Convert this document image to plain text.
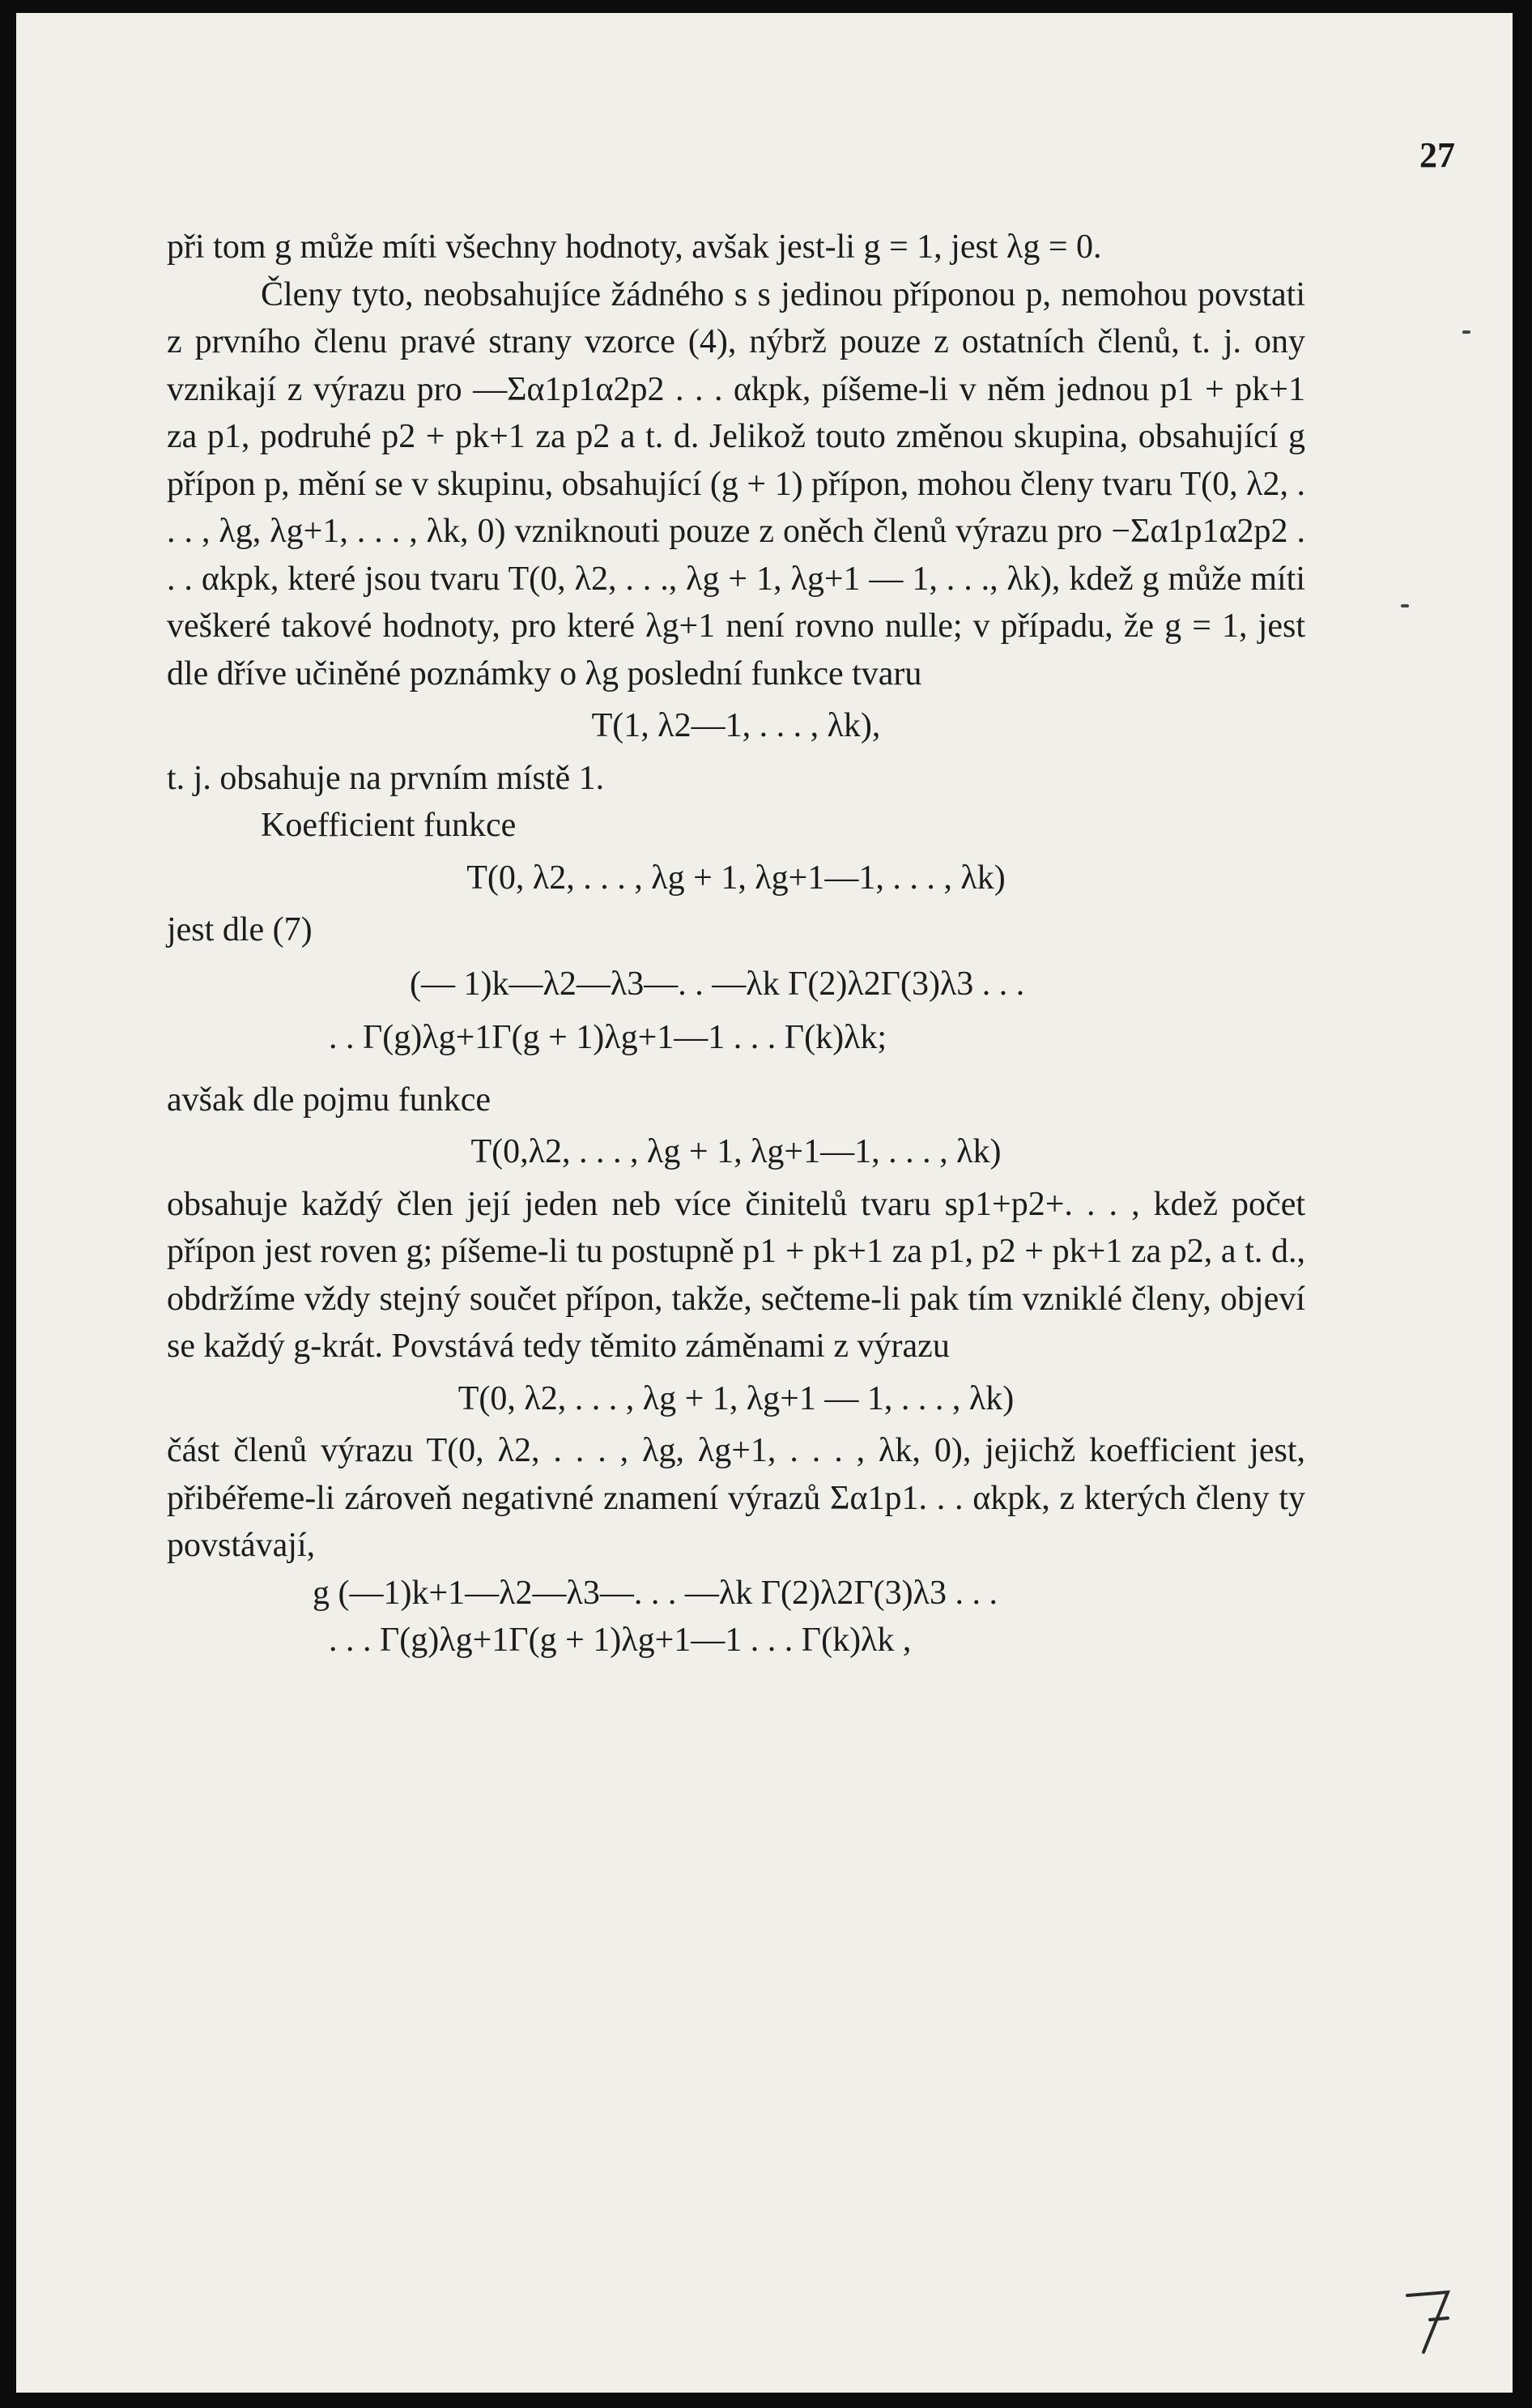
27

při tom g může míti všechny hodnoty, avšak jest-li g = 1, jest λg = 0.

Členy tyto, neobsahujíce žádného s s jedinou příponou p, nemohou povstati z prvního členu pravé strany vzorce (4), nýbrž pouze z ostatních členů, t. j. ony vznikají z výrazu pro —Σα1p1α2p2 . . . αkpk, píšeme-li v něm jednou p1 + pk+1 za p1, podruhé p2 + pk+1 za p2 a t. d. Jelikož touto změnou skupina, obsahující g přípon p, mění se v skupinu, obsahující (g + 1) přípon, mohou členy tvaru T(0, λ2, . . . , λg, λg+1, . . . , λk, 0) vzniknouti pouze z oněch členů výrazu pro −Σα1p1α2p2 . . . αkpk, které jsou tvaru T(0, λ2, . . ., λg + 1, λg+1 — 1, . . ., λk), kdež g může míti veškeré takové hodnoty, pro které λg+1 není rovno nulle; v případu, že g = 1, jest dle dříve učiněné poznámky o λg poslední funkce tvaru

T(1, λ2—1, . . . , λk),

t. j. obsahuje na prvním místě 1.

Koefficient funkce

T(0, λ2, . . . , λg + 1, λg+1—1, . . . , λk)

jest dle (7)

(— 1)k—λ2—λ3—. . —λk Γ(2)λ2Γ(3)λ3 . . .

. . Γ(g)λg+1Γ(g + 1)λg+1—1 . . . Γ(k)λk;

avšak dle pojmu funkce

T(0,λ2, . . . , λg + 1, λg+1—1, . . . , λk)

obsahuje každý člen její jeden neb více činitelů tvaru sp1+p2+. . . , kdež počet přípon jest roven g; píšeme-li tu postupně p1 + pk+1 za p1, p2 + pk+1 za p2, a t. d., obdržíme vždy stejný součet přípon, takže, sečteme-li pak tím vzniklé členy, objeví se každý g-krát. Povstává tedy těmito záměnami z výrazu

T(0, λ2, . . . , λg + 1, λg+1 — 1, . . . , λk)

část členů výrazu T(0, λ2, . . . , λg, λg+1, . . . , λk, 0), jejichž koefficient jest, přibéřeme-li zároveň negativné znamení výrazů Σα1p1. . . αkpk, z kterých členy ty povstávají,

g (—1)k+1—λ2—λ3—. . . —λk Γ(2)λ2Γ(3)λ3 . . .

. . . Γ(g)λg+1Γ(g + 1)λg+1—1 . . . Γ(k)λk ,
